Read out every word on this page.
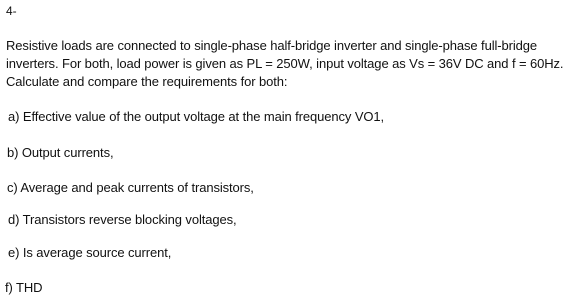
4-
Resistive loads are connected to single-phase half-bridge inverter and single-phase full-bridge
inverters. For both, load power is given as PL = 250W, input voltage as Vs = 36V DC and f = 60Hz.
Calculate and compare the requirements for both:
a) Effective value of the output voltage at the main frequency VO1,
b) Output currents,
c) Average and peak currents of transistors,
d) Transistors reverse blocking voltages,
e) Is average source current,
f) THD
